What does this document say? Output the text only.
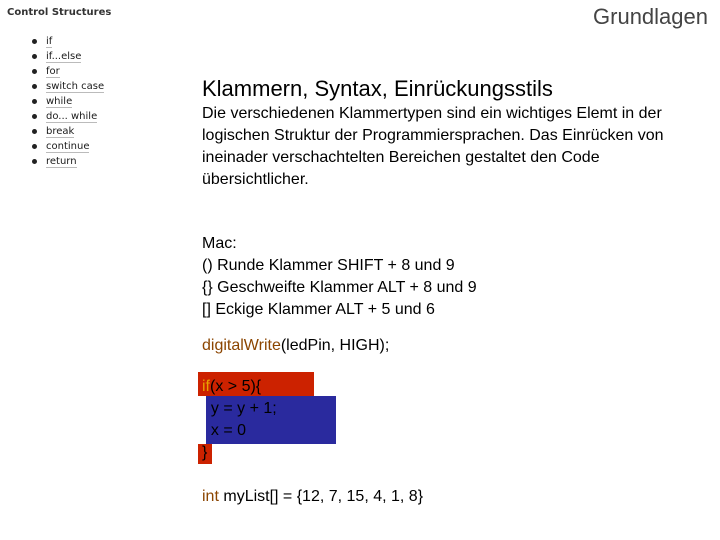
Control Structures
if
if...else
for
switch case
while
do... while
break
continue
return
Grundlagen
Klammern, Syntax, Einrückungsstils

Die verschiedenen Klammertypen sind ein wichtiges Elemt in der logischen Struktur der Programmiersprachen. Das Einrücken von ineinader verschachtelten Bereichen gestaltet den Code übersichtlicher.

Mac:
() Runde Klammer SHIFT + 8 und 9
{} Geschweifte Klammer ALT + 8 und 9
[] Eckige Klammer ALT + 5 und 6
digitalWrite(ledPin, HIGH);
if(x > 5){
y = y + 1;
x = 0
}
int myList[] = {12, 7, 15, 4, 1, 8}
